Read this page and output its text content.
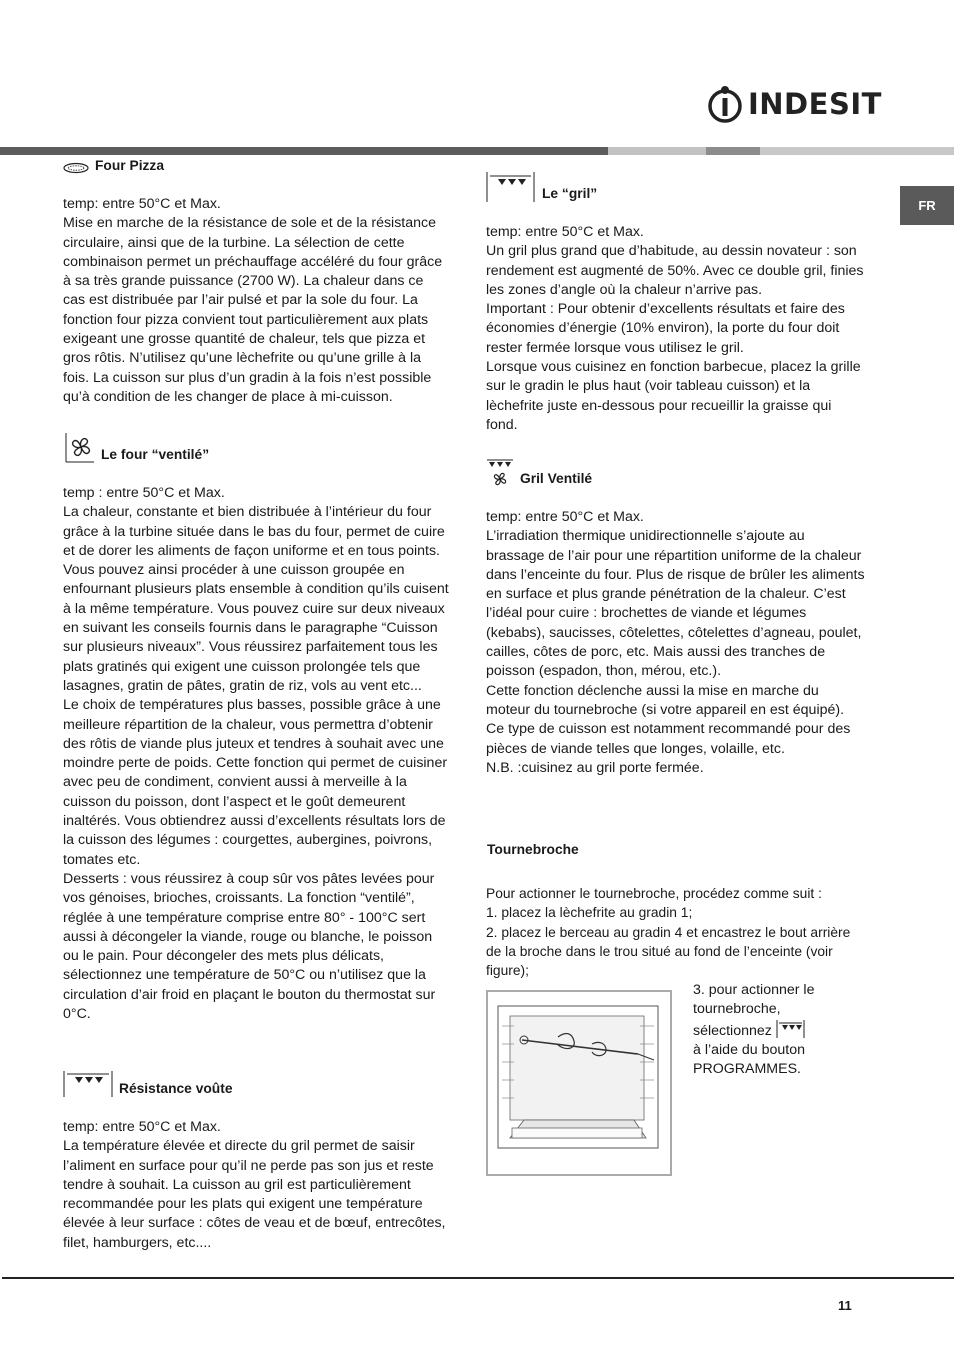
INDESIT
FR
Four Pizza

temp: entre 50°C et Max.

Mise en marche de la résistance de sole et de la résistance circulaire, ainsi que de la turbine. La sélection de cette combinaison permet un préchauffage accéléré du four grâce à sa très grande puissance (2700 W). La chaleur dans ce cas est distribuée par l’air pulsé et par la sole du four. La fonction four pizza convient tout particulièrement aux plats exigeant une grosse quantité de chaleur, tels que pizza et gros rôtis. N’utilisez qu’une lèchefrite ou qu’une grille à la fois. La cuisson sur plus d’un gradin à la fois n’est possible qu’à condition de les changer de place à mi-cuisson.

Le four “ventilé”

temp : entre 50°C et Max.

La chaleur, constante et bien distribuée à l’intérieur du four grâce à la turbine située dans le bas du four, permet de cuire et de dorer les aliments de façon uniforme et en tous points. Vous pouvez ainsi procéder à une cuisson groupée en enfournant plusieurs plats ensemble à condition qu’ils cuisent à la même température. Vous pouvez cuire sur deux niveaux en suivant les conseils fournis dans le paragraphe “Cuisson sur plusieurs niveaux”. Vous réussirez parfaitement tous les plats gratinés qui exigent une cuisson prolongée tels que lasagnes, gratin de pâtes, gratin de riz, vols au vent etc...

Le choix de températures plus basses, possible grâce à une meilleure répartition de la chaleur, vous permettra d’obtenir des rôtis de viande plus juteux et tendres à souhait avec une moindre perte de poids. Cette fonction qui permet de cuisiner avec peu de condiment, convient aussi à merveille à la cuisson du poisson, dont l’aspect et le goût demeurent inaltérés. Vous obtiendrez aussi d’excellents résultats lors de la cuisson des légumes : courgettes, aubergines, poivrons, tomates etc.

Desserts : vous réussirez à coup sûr vos pâtes levées pour vos génoises, brioches, croissants. La fonction “ventilé”, réglée à une température comprise entre 80° - 100°C sert aussi à décongeler la viande, rouge ou blanche, le poisson ou le pain. Pour décongeler des mets plus délicats, sélectionnez une température de 50°C ou n’utilisez que la circulation d’air froid en plaçant le bouton du thermostat sur 0°C.

Résistance voûte

temp: entre 50°C et Max.

La température élevée et directe du gril permet de saisir l’aliment en surface pour qu’il ne perde pas son jus et reste tendre à souhait. La cuisson au gril est particulièrement recommandée pour les plats qui exigent une température élevée à leur surface : côtes de veau et de bœuf, entrecôtes, filet, hamburgers, etc....

Le “gril”

temp: entre 50°C et Max.

Un gril plus grand que d’habitude, au dessin novateur : son rendement est augmenté de 50%. Avec ce double gril, finies les zones d’angle où la chaleur n’arrive pas.

Important : Pour obtenir d’excellents résultats et faire des économies d’énergie (10% environ), la porte du four doit rester fermée lorsque vous utilisez le gril.

Lorsque vous cuisinez en fonction barbecue, placez la grille sur le gradin le plus haut (voir tableau cuisson) et la lèchefrite juste en-dessous pour recueillir la graisse qui fond.

Gril Ventilé

temp: entre 50°C et Max.

L’irradiation thermique unidirectionnelle s’ajoute au brassage de l’air pour une répartition uniforme de la chaleur dans l’enceinte du four. Plus de risque de brûler les aliments en surface et plus grande pénétration de la chaleur. C’est l’idéal pour cuire : brochettes de viande et légumes (kebabs), saucisses, côtelettes, côtelettes d’agneau, poulet, cailles, côtes de porc, etc. Mais aussi des tranches de poisson (espadon, thon, mérou, etc.).

Cette fonction déclenche aussi la mise en marche du moteur du tournebroche (si votre appareil en est équipé). Ce type de cuisson est notamment recommandé pour des pièces de viande telles que longes, volaille, etc.

N.B. :cuisinez au gril porte fermée.

Tournebroche

Pour actionner le tournebroche, procédez comme suit :

1. placez la lèchefrite au gradin 1;

2. placez le berceau au gradin 4 et encastrez le bout arrière de la broche dans le trou situé au fond de l’enceinte (voir figure);

3. pour actionner le tournebroche, sélectionnez
à l’aide du bouton PROGRAMMES.
11
